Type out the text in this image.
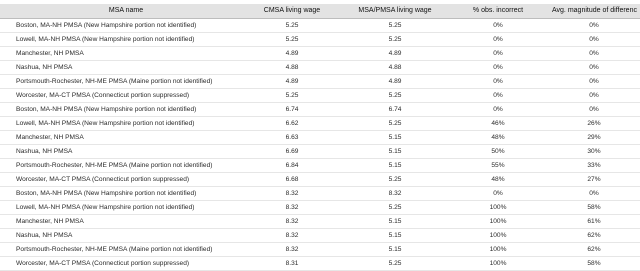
	MSA name	CMSA living wage	MSA/PMSA living wage	% obs. incorrect	Avg. magnitude of differenc
	Boston, MA-NH PMSA (New Hampshire portion not identified)	5.25	5.25	0%	0%
	Lowell, MA-NH PMSA (New Hampshire portion not identified)	5.25	5.25	0%	0%
	Manchester, NH PMSA	4.89	4.89	0%	0%
	Nashua, NH PMSA	4.88	4.88	0%	0%
	Portsmouth-Rochester, NH-ME PMSA (Maine portion not identified)	4.89	4.89	0%	0%
	Worcester, MA-CT PMSA (Connecticut portion suppressed)	5.25	5.25	0%	0%
	Boston, MA-NH PMSA (New Hampshire portion not identified)	6.74	6.74	0%	0%
	Lowell, MA-NH PMSA (New Hampshire portion not identified)	6.62	5.25	46%	26%
	Manchester, NH PMSA	6.63	5.15	48%	29%
	Nashua, NH PMSA	6.69	5.15	50%	30%
	Portsmouth-Rochester, NH-ME PMSA (Maine portion not identified)	6.84	5.15	55%	33%
	Worcester, MA-CT PMSA (Connecticut portion suppressed)	6.68	5.25	48%	27%
	Boston, MA-NH PMSA (New Hampshire portion not identified)	8.32	8.32	0%	0%
	Lowell, MA-NH PMSA (New Hampshire portion not identified)	8.32	5.25	100%	58%
	Manchester, NH PMSA	8.32	5.15	100%	61%
	Nashua, NH PMSA	8.32	5.15	100%	62%
	Portsmouth-Rochester, NH-ME PMSA (Maine portion not identified)	8.32	5.15	100%	62%
	Worcester, MA-CT PMSA (Connecticut portion suppressed)	8.31	5.25	100%	58%
